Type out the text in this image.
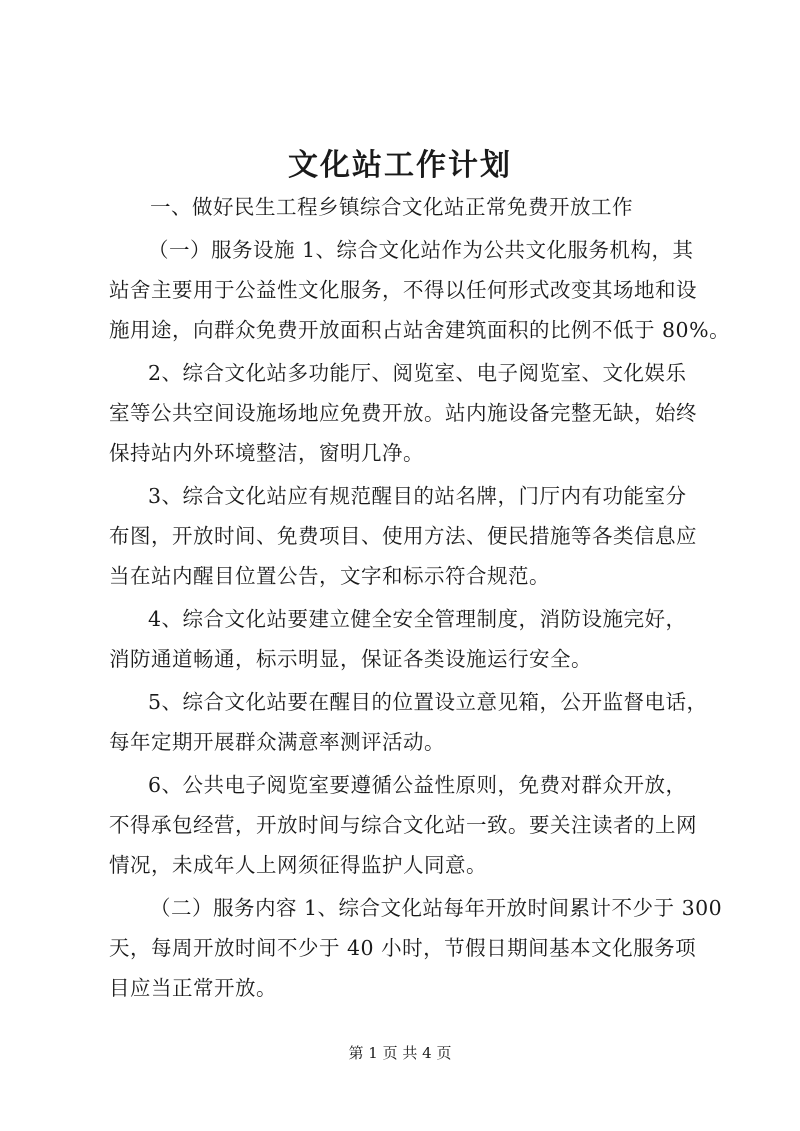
文化站工作计划
一、做好民生工程乡镇综合文化站正常免费开放工作
（一）服务设施 1、综合文化站作为公共文化服务机构，其
站舍主要用于公益性文化服务，不得以任何形式改变其场地和设
施用途，向群众免费开放面积占站舍建筑面积的比例不低于 80%。
2、综合文化站多功能厅、阅览室、电子阅览室、文化娱乐
室等公共空间设施场地应免费开放。站内施设备完整无缺，始终
保持站内外环境整洁，窗明几净。
3、综合文化站应有规范醒目的站名牌，门厅内有功能室分
布图，开放时间、免费项目、使用方法、便民措施等各类信息应
当在站内醒目位置公告，文字和标示符合规范。
4、综合文化站要建立健全安全管理制度，消防设施完好，
消防通道畅通，标示明显，保证各类设施运行安全。
5、综合文化站要在醒目的位置设立意见箱，公开监督电话，
每年定期开展群众满意率测评活动。
6、公共电子阅览室要遵循公益性原则，免费对群众开放，
不得承包经营，开放时间与综合文化站一致。要关注读者的上网
情况，未成年人上网须征得监护人同意。
（二）服务内容 1、综合文化站每年开放时间累计不少于 300
天，每周开放时间不少于 40 小时，节假日期间基本文化服务项
目应当正常开放。
第 1 页 共 4 页
